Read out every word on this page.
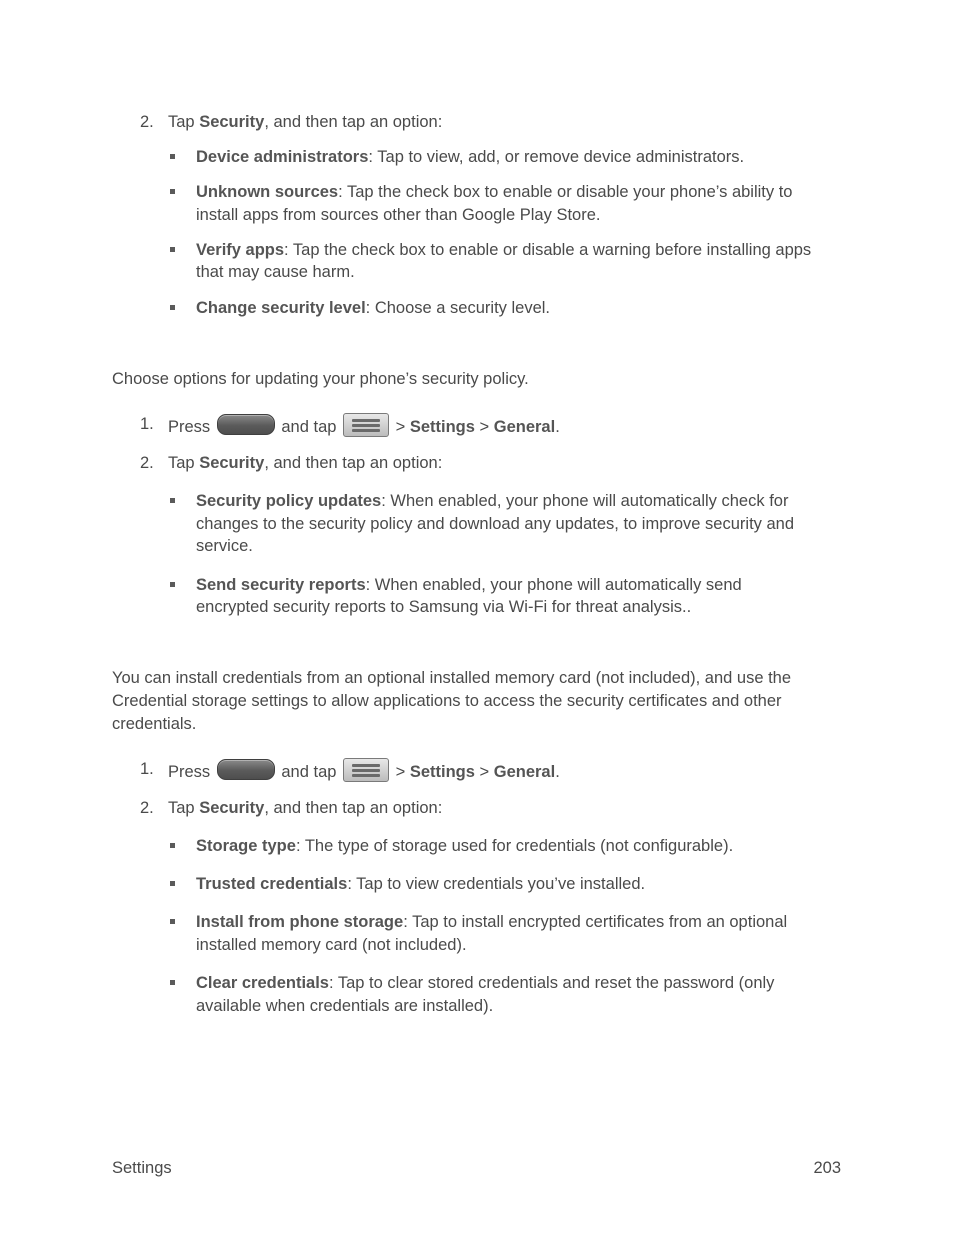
2. Tap Security, and then tap an option:
Device administrators: Tap to view, add, or remove device administrators.
Unknown sources: Tap the check box to enable or disable your phone’s ability to
install apps from sources other than Google Play Store.
Verify apps: Tap the check box to enable or disable a warning before installing apps
that may cause harm.
Change security level: Choose a security level.
Choose options for updating your phone’s security policy.
1. Press	and tap	> Settings > General.
2. Tap Security, and then tap an option:
Security policy updates: When enabled, your phone will automatically check for
changes to the security policy and download any updates, to improve security and
service.
Send security reports: When enabled, your phone will automatically send
encrypted security reports to Samsung via Wi-Fi for threat analysis..
You can install credentials from an optional installed memory card (not included), and use the
Credential storage settings to allow applications to access the security certificates and other
credentials.
1. Press	and tap	> Settings > General.
2. Tap Security, and then tap an option:
Storage type: The type of storage used for credentials (not configurable).
Trusted credentials: Tap to view credentials you’ve installed.
Install from phone storage: Tap to install encrypted certificates from an optional
installed memory card (not included).
Clear credentials: Tap to clear stored credentials and reset the password (only
available when credentials are installed).
Settings	203
